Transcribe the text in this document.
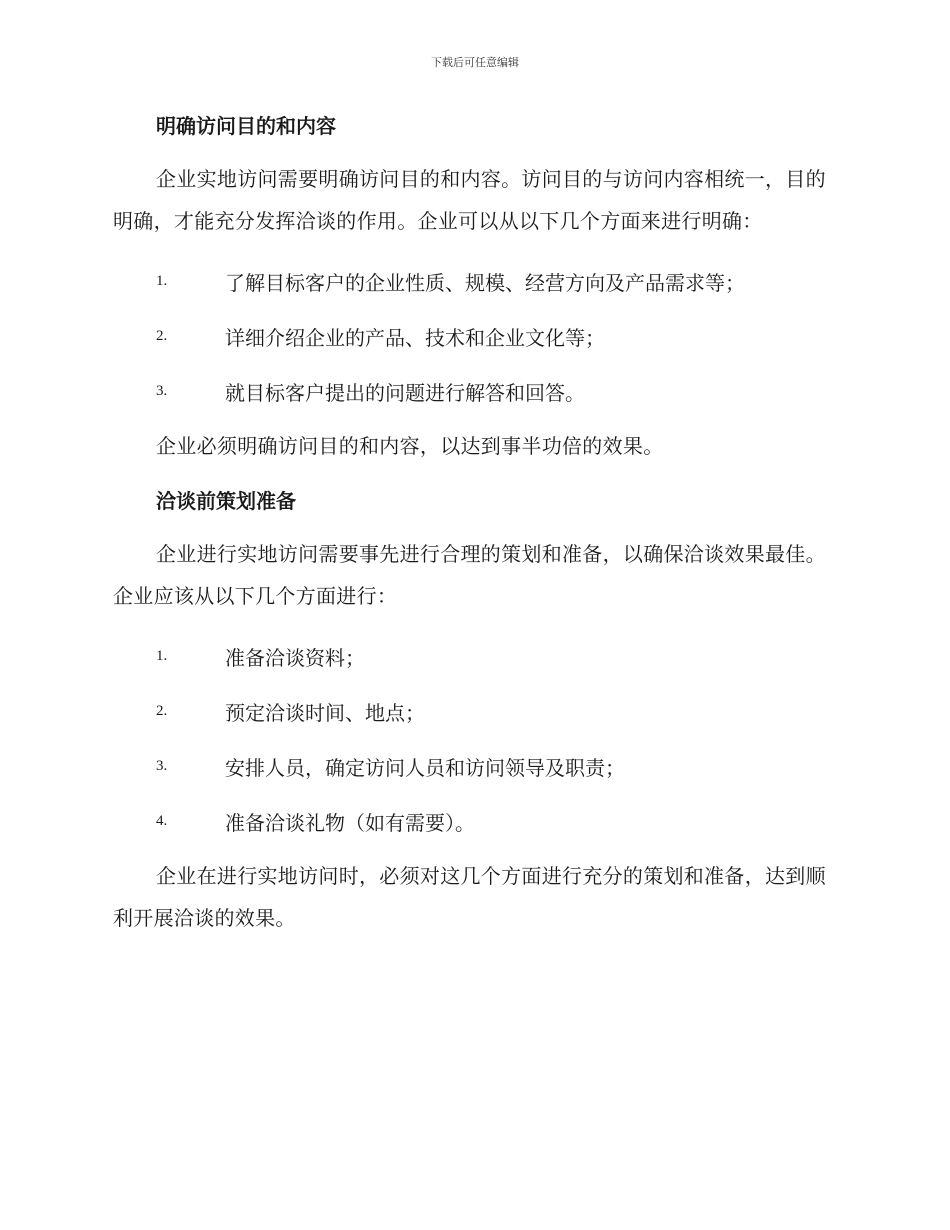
下载后可任意编辑
明确访问目的和内容

企业实地访问需要明确访问目的和内容。访问目的与访问内容相统一，目的明确，才能充分发挥洽谈的作用。企业可以从以下几个方面来进行明确：

1.	了解目标客户的企业性质、规模、经营方向及产品需求等；
2.	详细介绍企业的产品、技术和企业文化等；
3.	就目标客户提出的问题进行解答和回答。

企业必须明确访问目的和内容，以达到事半功倍的效果。

洽谈前策划准备

企业进行实地访问需要事先进行合理的策划和准备，以确保洽谈效果最佳。企业应该从以下几个方面进行：

1.	准备洽谈资料；
2.	预定洽谈时间、地点；
3.	安排人员，确定访问人员和访问领导及职责；
4.	准备洽谈礼物（如有需要）。

企业在进行实地访问时，必须对这几个方面进行充分的策划和准备，达到顺利开展洽谈的效果。
